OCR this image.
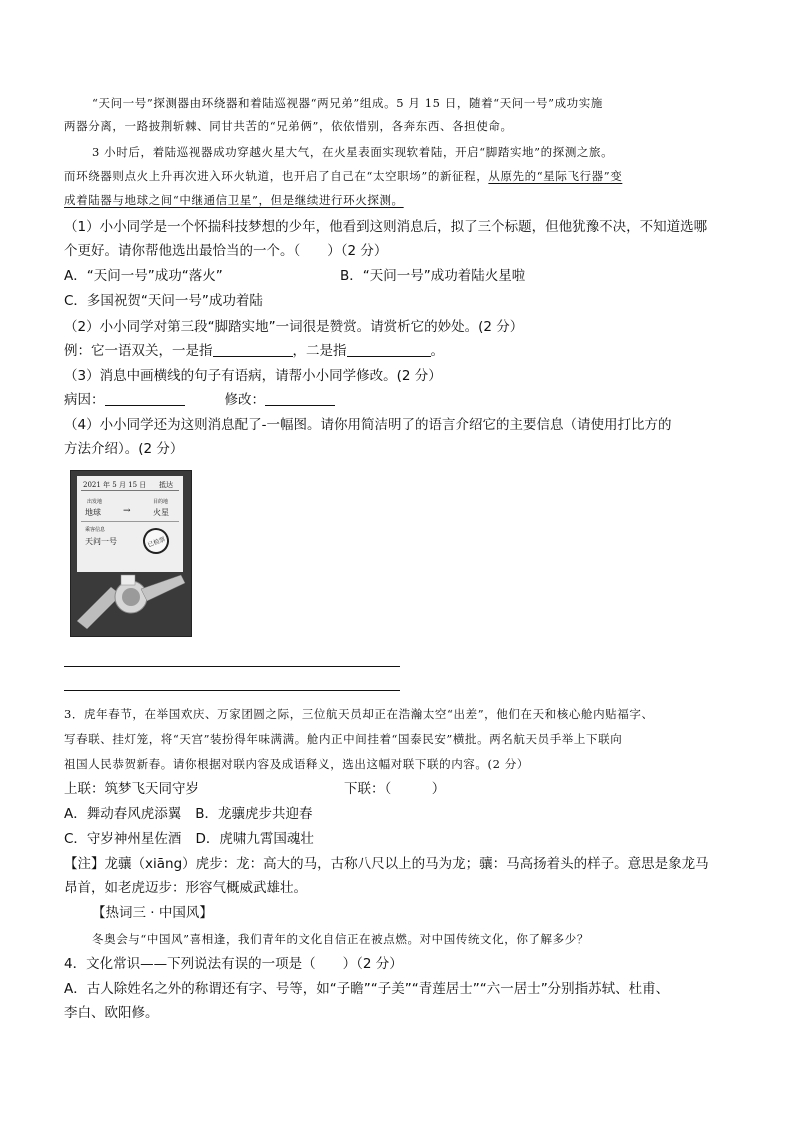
“天问一号”探测器由环绕器和着陆巡视器“两兄弟”组成。5 月 15 日，随着“天问一号”成功实施
两器分离，一路披荆斩棘、同甘共苦的“兄弟俩”，依依惜别，各奔东西、各担使命。
3 小时后，着陆巡视器成功穿越火星大气，在火星表面实现软着陆，开启“脚踏实地”的探测之旅。
而环绕器则点火上升再次进入环火轨道，也开启了自己在“太空职场”的新征程，从原先的“星际飞行器”变
成着陆器与地球之间“中继通信卫星”，但是继续进行环火探测。
（1）小小同学是一个怀揣科技梦想的少年，他看到这则消息后，拟了三个标题，但他犹豫不决，不知道选哪
个更好。请你帮他选出最恰当的一个。（　　）（2 分）
A．“天问一号”成功“落火”	B．“天问一号”成功着陆火星啦
C．多国祝贺“天问一号”成功着陆
（2）小小同学对第三段“脚踏实地”一词很是赞赏。请赏析它的妙处。(2 分）
例：它一语双关，一是指	，二是指	。
（3）消息中画横线的句子有语病，请帮小小同学修改。(2 分）
病因：	修改：
（4）小小同学还为这则消息配了-一幅图。请你用简洁明了的语言介绍它的主要信息（请使用打比方的
方法介绍）。(2 分）
2021 年 5 月 15 日 抵达
出发地	目的地
地球 →	火星
乘客信息
天问一号	已检票
3．虎年春节，在举国欢庆、万家团圆之际，三位航天员却正在浩瀚太空“出差”，他们在天和核心舱内贴福字、
写春联、挂灯笼，将“天宫”装扮得年味满满。舱内正中间挂着“国泰民安”横批。两名航天员手举上下联向
祖国人民恭贺新春。请你根据对联内容及成语释义，选出这幅对联下联的内容。(2 分）
上联：筑梦飞天同守岁	下联：（　　　）
A．舞动春风虎添翼 B．龙骧虎步共迎春
C．守岁神州星佐酒 D．虎啸九霄国魂壮
【注】龙骧（xiāng）虎步：龙：高大的马，古称八尺以上的马为龙；骧：马高扬着头的样子。意思是象龙马
昂首，如老虎迈步：形容气概威武雄壮。
【热词三 · 中国风】
冬奥会与“中国风”喜相逢，我们青年的文化自信正在被点燃。对中国传统文化，你了解多少？
4．文化常识——下列说法有误的一项是（　　）（2 分）
A．古人除姓名之外的称谓还有字、号等，如“子瞻”“子美”“青莲居士”“六一居士”分别指苏轼、杜甫、
李白、欧阳修。
